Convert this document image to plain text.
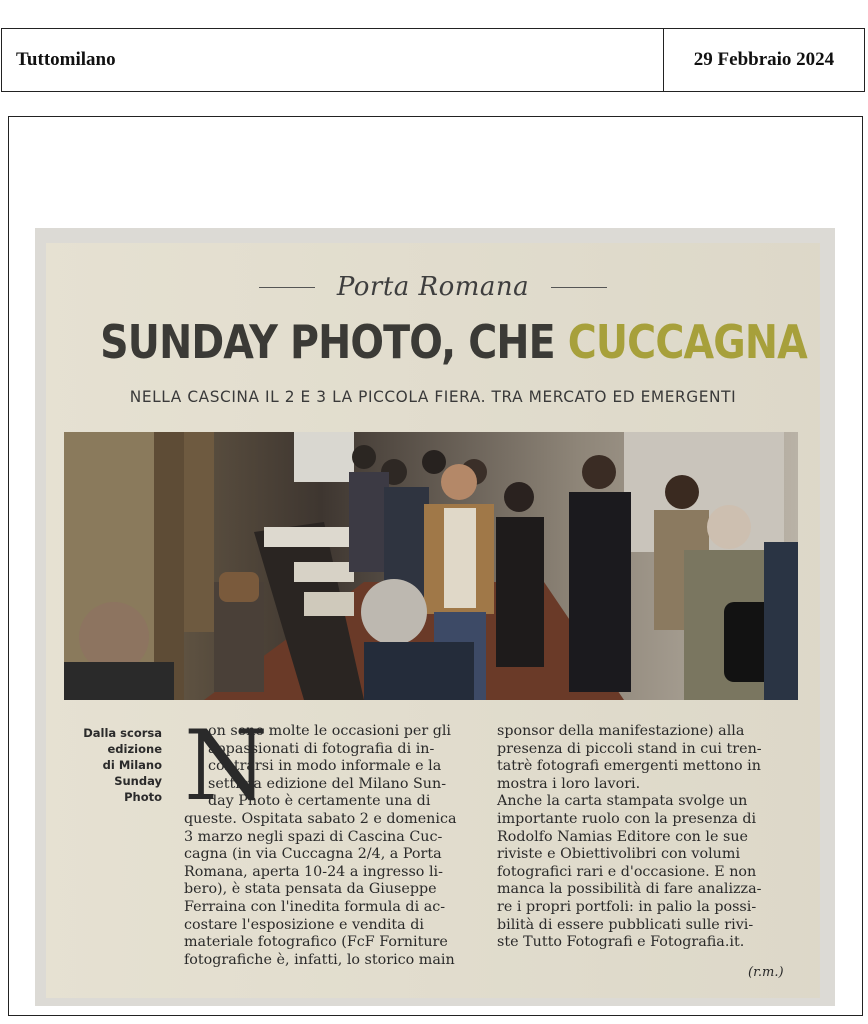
Tuttomilano	29 Febbraio 2024
Porta Romana
SUNDAY PHOTO, CHE CUCCAGNA
NELLA CASCINA IL 2 E 3 LA PICCOLA FIERA. TRA MERCATO ED EMERGENTI
Dalla scorsa
edizione
di Milano
Sunday
Photo N
on sono molte le occasioni per gli
appassionati di fotografia di in-
contrarsi in modo informale e la
settima edizione del Milano Sun-
day Photo è certamente una di
queste. Ospitata sabato 2 e domenica
3 marzo negli spazi di Cascina Cuc-
cagna (in via Cuccagna 2/4, a Porta
Romana, aperta 10-24 a ingresso li-
bero), è stata pensata da Giuseppe
Ferraina con l'inedita formula di ac-
costare l'esposizione e vendita di
materiale fotografico (FcF Forniture
fotografiche è, infatti, lo storico main
sponsor della manifestazione) alla
presenza di piccoli stand in cui tren-
tatrè fotografi emergenti mettono in
mostra i loro lavori.
Anche la carta stampata svolge un
importante ruolo con la presenza di
Rodolfo Namias Editore con le sue
riviste e Obiettivolibri con volumi
fotografici rari e d'occasione. E non
manca la possibilità di fare analizza-
re i propri portfoli: in palio la possi-
bilità di essere pubblicati sulle rivi-
ste Tutto Fotografi e Fotografia.it.
(r.m.)
